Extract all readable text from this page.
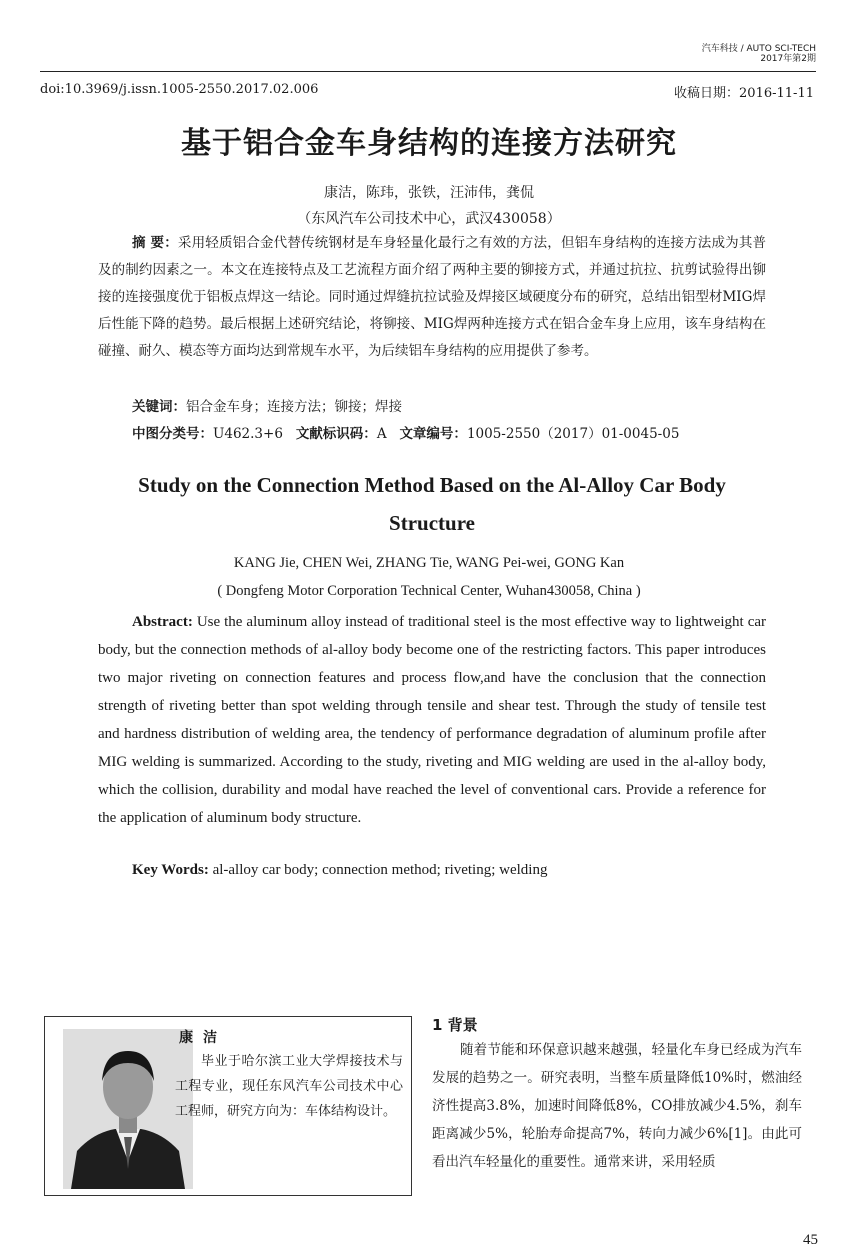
汽车科技 / AUTO SCI-TECH
2017年第2期
doi:10.3969/j.issn.1005-2550.2017.02.006	收稿日期：2016-11-11
基于铝合金车身结构的连接方法研究
康洁，陈玮，张铁，汪沛伟，龚侃
（东风汽车公司技术中心，武汉430058）
摘 要：采用轻质铝合金代替传统钢材是车身轻量化最行之有效的方法，但铝车身结构的连接方法成为其普及的制约因素之一。本文在连接特点及工艺流程方面介绍了两种主要的铆接方式，并通过抗拉、抗剪试验得出铆接的连接强度优于铝板点焊这一结论。同时通过焊缝抗拉试验及焊接区域硬度分布的研究，总结出铝型材MIG焊后性能下降的趋势。最后根据上述研究结论，将铆接、MIG焊两种连接方式在铝合金车身上应用，该车身结构在碰撞、耐久、模态等方面均达到常规车水平，为后续铝车身结构的应用提供了参考。
关键词：铝合金车身；连接方法；铆接；焊接
中图分类号：U462.3+6 文献标识码：A 文章编号：1005-2550（2017）01-0045-05
Study on the Connection Method Based on the Al-Alloy Car Body Structure
KANG Jie, CHEN Wei, ZHANG Tie, WANG Pei-wei, GONG Kan
( Dongfeng Motor Corporation Technical Center, Wuhan430058, China )
Abstract: Use the aluminum alloy instead of traditional steel is the most effective way to lightweight car body, but the connection methods of al-alloy body become one of the restricting factors. This paper introduces two major riveting on connection features and process flow,and have the conclusion that the connection strength of riveting better than spot welding through tensile and shear test. Through the study of tensile test and hardness distribution of welding area, the tendency of performance degradation of aluminum profile after MIG welding is summarized. According to the study, riveting and MIG welding are used in the al-alloy body, which the collision, durability and modal have reached the level of conventional cars. Provide a reference for the application of aluminum body structure.
Key Words: al-alloy car body; connection method; riveting; welding
康洁
毕业于哈尔滨工业大学焊接技术与工程专业，现任东风汽车公司技术中心工程师，研究方向为：车体结构设计。
1 背景
随着节能和环保意识越来越强，轻量化车身已经成为汽车发展的趋势之一。研究表明，当整车质量降低10%时，燃油经济性提高3.8%，加速时间降低8%，CO排放减少4.5%，刹车距离减少5%，轮胎寿命提高7%，转向力减少6%[1]。由此可看出汽车轻量化的重要性。通常来讲，采用轻质
45
